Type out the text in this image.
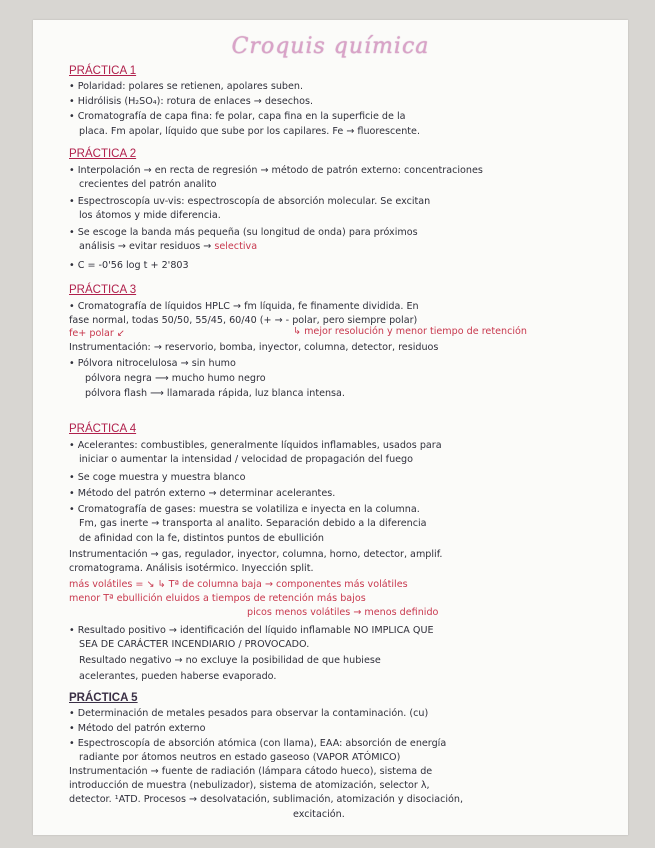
Croquis química
PRÁCTICA 1
• Polaridad: polares se retienen, apolares suben.
• Hidrólisis (H₂SO₄): rotura de enlaces → desechos.
• Cromatografía de capa fina: fe polar, capa fina en la superficie de la
placa. Fm apolar, líquido que sube por los capilares. Fe → fluorescente.
PRÁCTICA 2
• Interpolación → en recta de regresión → método de patrón externo: concentraciones
crecientes del patrón analito
• Espectroscopía uv-vis: espectroscopía de absorción molecular. Se excitan
los átomos y mide diferencia.
• Se escoge la banda más pequeña (su longitud de onda) para próximos
análisis → evitar residuos → selectiva
• C = -0'56 log t + 2'803
PRÁCTICA 3
• Cromatografía de líquidos HPLC → fm líquida, fe finamente dividida. En
fase normal, todas 50/50, 55/45, 60/40 (+ → - polar, pero siempre polar)
fe+ polar ↙	↳ mejor resolución y menor tiempo de retención
Instrumentación: → reservorio, bomba, inyector, columna, detector, residuos
• Pólvora nitrocelulosa → sin humo
pólvora negra ⟶ mucho humo negro
pólvora flash ⟶ llamarada rápida, luz blanca intensa.
PRÁCTICA 4
• Acelerantes: combustibles, generalmente líquidos inflamables, usados para
iniciar o aumentar la intensidad / velocidad de propagación del fuego
• Se coge muestra y muestra blanco
• Método del patrón externo → determinar acelerantes.
• Cromatografía de gases: muestra se volatiliza e inyecta en la columna.
Fm, gas inerte → transporta al analito. Separación debido a la diferencia
de afinidad con la fe, distintos puntos de ebullición
Instrumentación → gas, regulador, inyector, columna, horno, detector, amplif.
cromatograma. Análisis isotérmico. Inyección split.
más volátiles = ↘ ↳ Tª de columna baja → componentes más volátiles
menor Tª ebullición eluidos a tiempos de retención más bajos
picos menos volátiles → menos definido
• Resultado positivo → identificación del líquido inflamable NO IMPLICA QUE
SEA DE CARÁCTER INCENDIARIO / PROVOCADO.
Resultado negativo → no excluye la posibilidad de que hubiese
acelerantes, pueden haberse evaporado.
PRÁCTICA 5
• Determinación de metales pesados para observar la contaminación. (cu)
• Método del patrón externo
• Espectroscopía de absorción atómica (con llama), EAA: absorción de energía
radiante por átomos neutros en estado gaseoso (VAPOR ATÓMICO)
Instrumentación → fuente de radiación (lámpara cátodo hueco), sistema de
introducción de muestra (nebulizador), sistema de atomización, selector λ,
detector. ¹ATD. Procesos → desolvatación, sublimación, atomización y disociación,
excitación.
